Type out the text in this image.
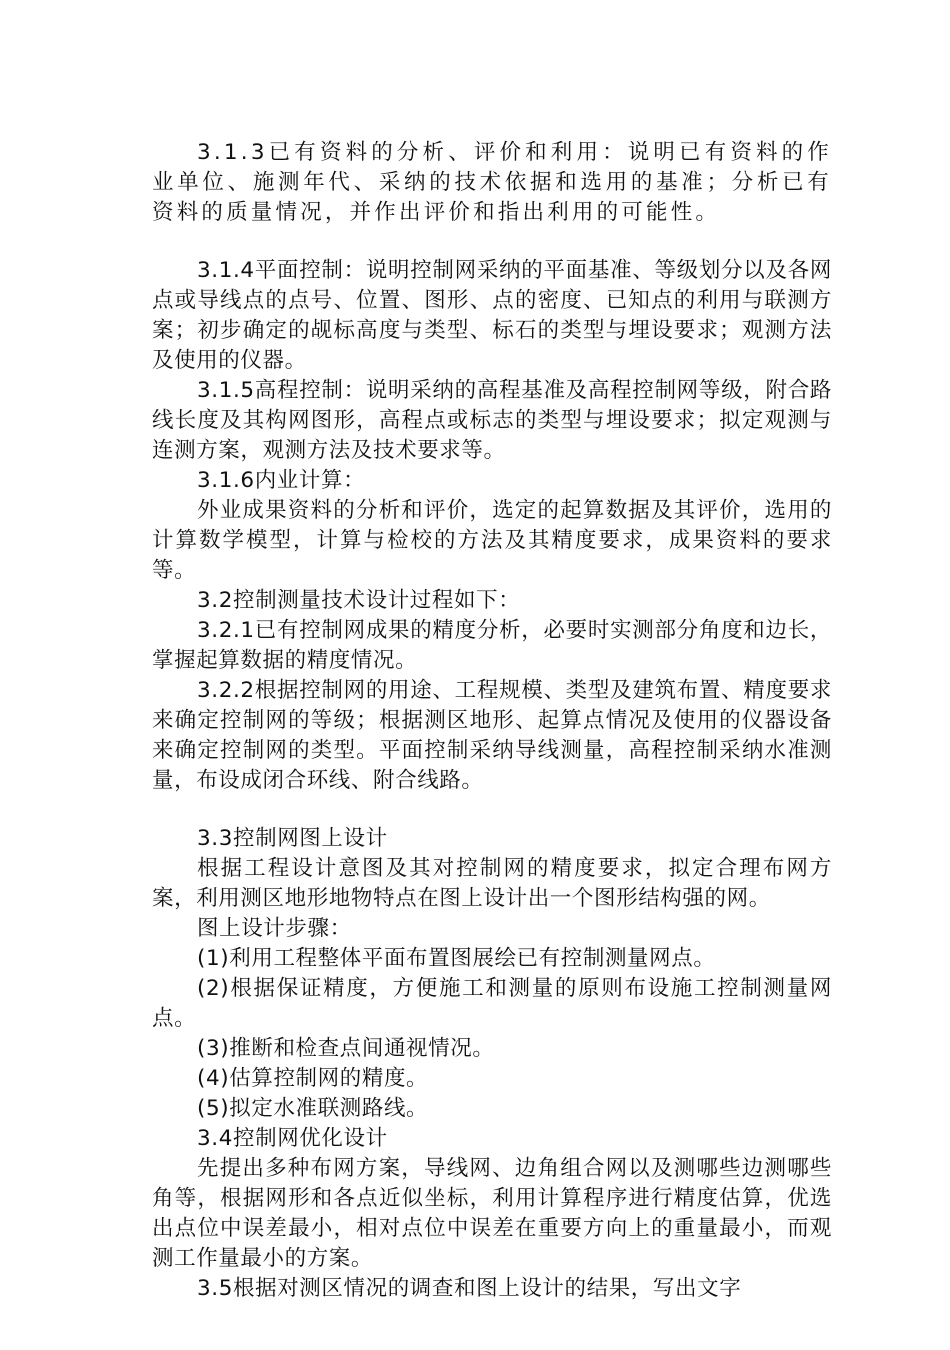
3.1.3已有资料的分析、评价和利用：说明已有资料的作业单位、施测年代、采纳的技术依据和选用的基准；分析已有资料的质量情况，并作出评价和指出利用的可能性。

3.1.4平面控制：说明控制网采纳的平面基准、等级划分以及各网点或导线点的点号、位置、图形、点的密度、已知点的利用与联测方案；初步确定的觇标高度与类型、标石的类型与埋设要求；观测方法及使用的仪器。

3.1.5高程控制：说明采纳的高程基准及高程控制网等级，附合路线长度及其构网图形，高程点或标志的类型与埋设要求；拟定观测与连测方案，观测方法及技术要求等。

3.1.6内业计算：

外业成果资料的分析和评价，选定的起算数据及其评价，选用的计算数学模型，计算与检校的方法及其精度要求，成果资料的要求等。

3.2控制测量技术设计过程如下：

3.2.1已有控制网成果的精度分析，必要时实测部分角度和边长，掌握起算数据的精度情况。

3.2.2根据控制网的用途、工程规模、类型及建筑布置、精度要求来确定控制网的等级；根据测区地形、起算点情况及使用的仪器设备来确定控制网的类型。平面控制采纳导线测量，高程控制采纳水准测量，布设成闭合环线、附合线路。

3.3控制网图上设计

根据工程设计意图及其对控制网的精度要求，拟定合理布网方案，利用测区地形地物特点在图上设计出一个图形结构强的网。

图上设计步骤：

(1)利用工程整体平面布置图展绘已有控制测量网点。

(2)根据保证精度，方便施工和测量的原则布设施工控制测量网点。

(3)推断和检查点间通视情况。

(4)估算控制网的精度。

(5)拟定水准联测路线。

3.4控制网优化设计

先提出多种布网方案，导线网、边角组合网以及测哪些边测哪些角等，根据网形和各点近似坐标，利用计算程序进行精度估算，优选出点位中误差最小，相对点位中误差在重要方向上的重量最小，而观测工作量最小的方案。

3.5根据对测区情况的调查和图上设计的结果，写出文字
